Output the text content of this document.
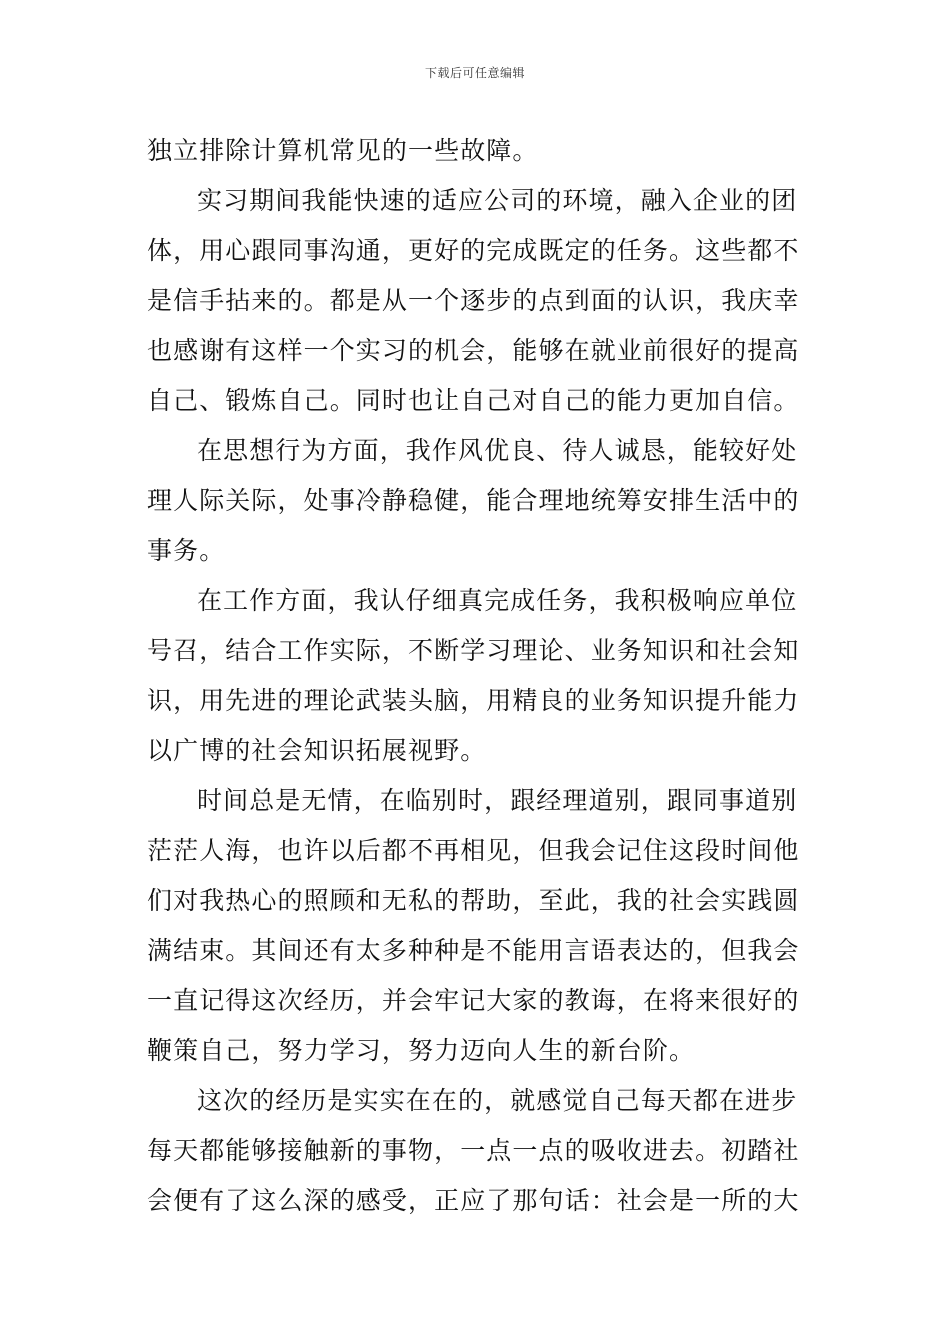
下载后可任意编辑
独立排除计算机常见的一些故障。
实习期间我能快速的适应公司的环境，融入企业的团
体，用心跟同事沟通，更好的完成既定的任务。这些都不
是信手拈来的。都是从一个逐步的点到面的认识，我庆幸
也感谢有这样一个实习的机会，能够在就业前很好的提高
自己、锻炼自己。同时也让自己对自己的能力更加自信。
在思想行为方面，我作风优良、待人诚恳，能较好处
理人际关际，处事冷静稳健，能合理地统筹安排生活中的
事务。
在工作方面，我认仔细真完成任务，我积极响应单位
号召，结合工作实际，不断学习理论、业务知识和社会知
识，用先进的理论武装头脑，用精良的业务知识提升能力
以广博的社会知识拓展视野。
时间总是无情，在临别时，跟经理道别，跟同事道别
茫茫人海，也许以后都不再相见，但我会记住这段时间他
们对我热心的照顾和无私的帮助，至此，我的社会实践圆
满结束。其间还有太多种种是不能用言语表达的，但我会
一直记得这次经历，并会牢记大家的教诲，在将来很好的
鞭策自己，努力学习，努力迈向人生的新台阶。
这次的经历是实实在在的，就感觉自己每天都在进步
每天都能够接触新的事物，一点一点的吸收进去。初踏社
会便有了这么深的感受，正应了那句话：社会是一所的大
